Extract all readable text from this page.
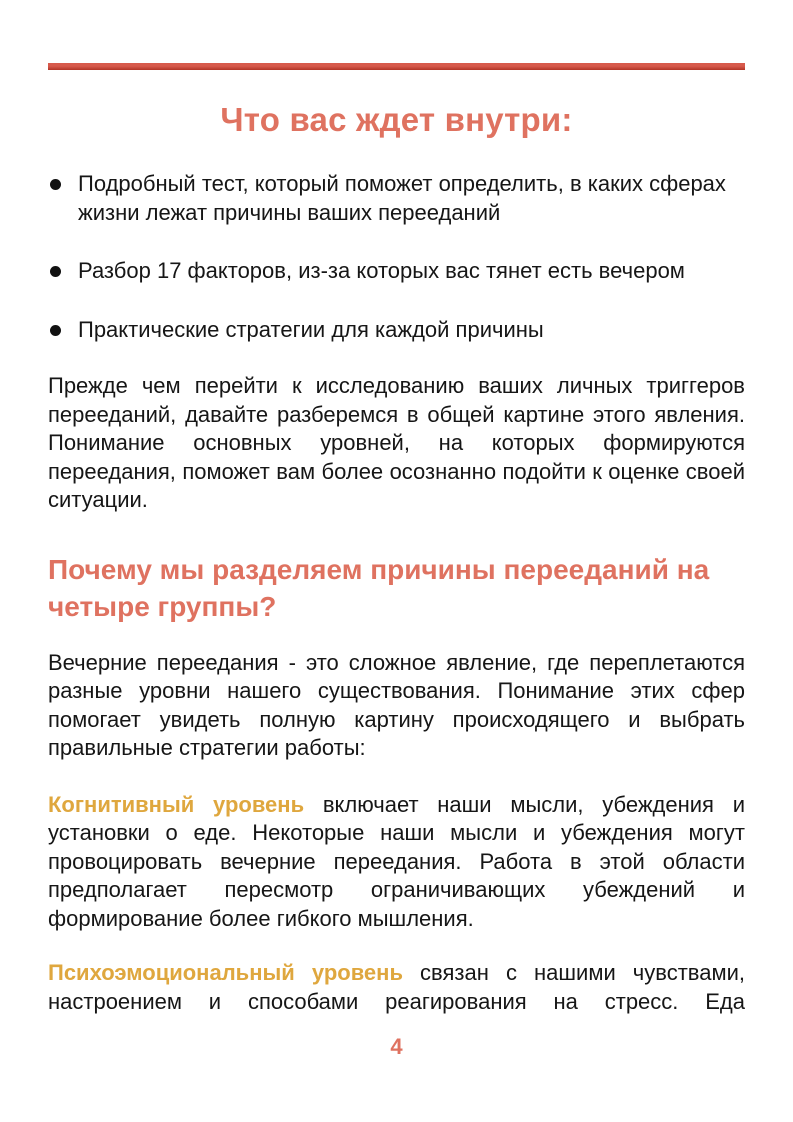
Что вас ждет внутри:
Подробный тест, который поможет определить, в каких сферах жизни лежат причины ваших перееданий
Разбор 17 факторов, из-за которых вас тянет есть вечером
Практические стратегии для каждой причины

Прежде чем перейти к исследованию ваших личных триггеров перееданий, давайте разберемся в общей картине этого явления. Понимание основных уровней, на которых формируются переедания, поможет вам более осознанно подойти к оценке своей ситуации.

Почему мы разделяем причины перееданий на четыре группы?

Вечерние переедания - это сложное явление, где переплетаются разные уровни нашего существования. Понимание этих сфер помогает увидеть полную картину происходящего и выбрать правильные стратегии работы:

Когнитивный уровень включает наши мысли, убеждения и установки о еде. Некоторые наши мысли и убеждения могут провоцировать вечерние переедания. Работа в этой области предполагает пересмотр ограничивающих убеждений и формирование более гибкого мышления.

Психоэмоциональный уровень связан с нашими чувствами, настроением и способами реагирования на стресс. Еда

4
